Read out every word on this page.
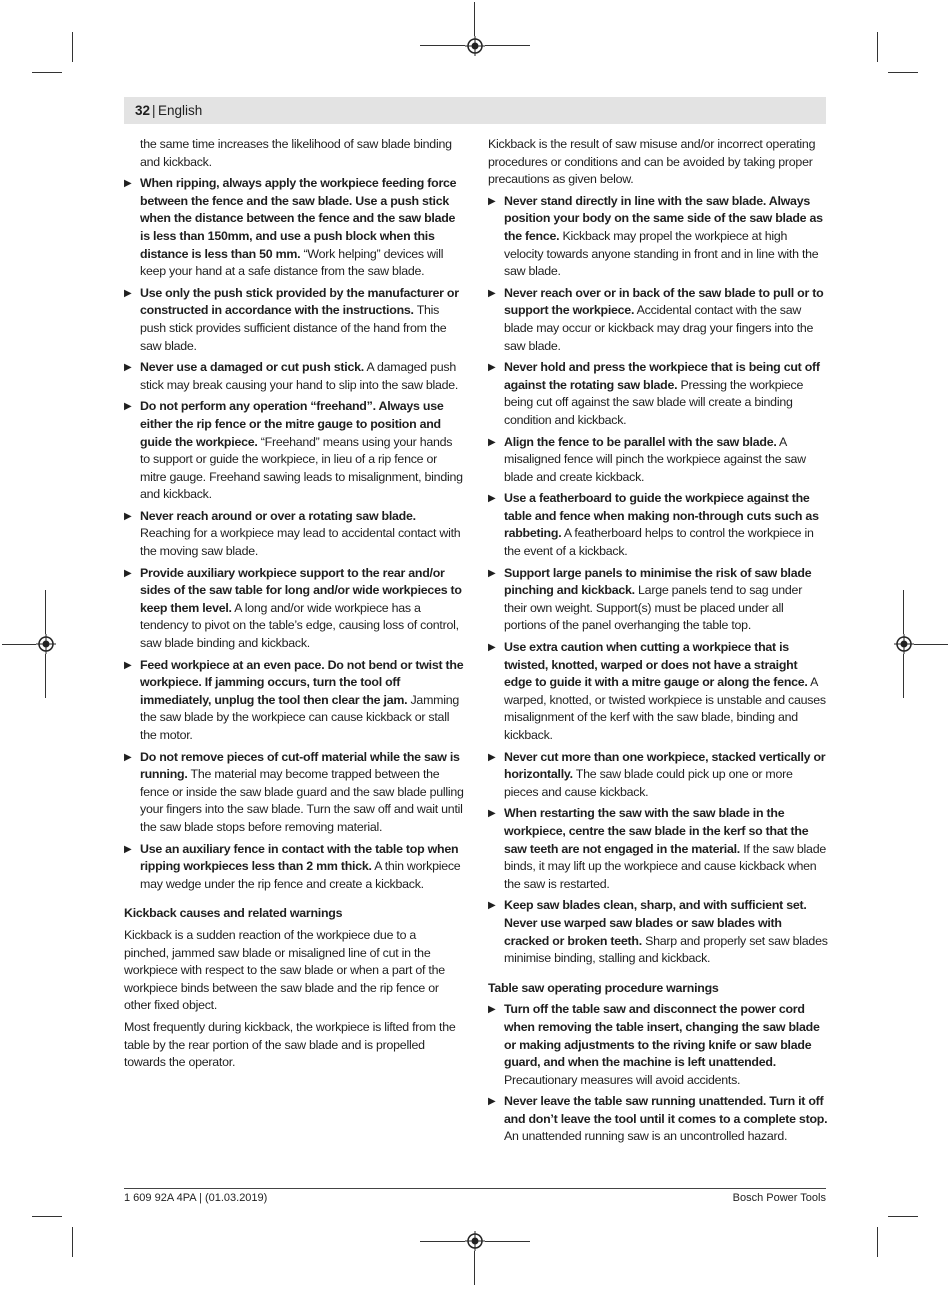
32 | English

the same time increases the likelihood of saw blade binding and kickback.

▶ When ripping, always apply the workpiece feeding force between the fence and the saw blade. Use a push stick when the distance between the fence and the saw blade is less than 150mm, and use a push block when this distance is less than 50 mm. “Work helping” devices will keep your hand at a safe distance from the saw blade.
▶ Use only the push stick provided by the manufacturer or constructed in accordance with the instructions. This push stick provides sufficient distance of the hand from the saw blade.
▶ Never use a damaged or cut push stick. A damaged push stick may break causing your hand to slip into the saw blade.
▶ Do not perform any operation “freehand”. Always use either the rip fence or the mitre gauge to position and guide the workpiece. “Freehand” means using your hands to support or guide the workpiece, in lieu of a rip fence or mitre gauge. Freehand sawing leads to misalignment, binding and kickback.
▶ Never reach around or over a rotating saw blade. Reaching for a workpiece may lead to accidental contact with the moving saw blade.
▶ Provide auxiliary workpiece support to the rear and/or sides of the saw table for long and/or wide workpieces to keep them level. A long and/or wide workpiece has a tendency to pivot on the table’s edge, causing loss of control, saw blade binding and kickback.
▶ Feed workpiece at an even pace. Do not bend or twist the workpiece. If jamming occurs, turn the tool off immediately, unplug the tool then clear the jam. Jamming the saw blade by the workpiece can cause kickback or stall the motor.
▶ Do not remove pieces of cut-off material while the saw is running. The material may become trapped between the fence or inside the saw blade guard and the saw blade pulling your fingers into the saw blade. Turn the saw off and wait until the saw blade stops before removing material.
▶ Use an auxiliary fence in contact with the table top when ripping workpieces less than 2 mm thick. A thin workpiece may wedge under the rip fence and create a kickback.
Kickback causes and related warnings

Kickback is a sudden reaction of the workpiece due to a pinched, jammed saw blade or misaligned line of cut in the workpiece with respect to the saw blade or when a part of the workpiece binds between the saw blade and the rip fence or other fixed object.

Most frequently during kickback, the workpiece is lifted from the table by the rear portion of the saw blade and is propelled towards the operator.

Kickback is the result of saw misuse and/or incorrect operating procedures or conditions and can be avoided by taking proper precautions as given below.

▶ Never stand directly in line with the saw blade. Always position your body on the same side of the saw blade as the fence. Kickback may propel the workpiece at high velocity towards anyone standing in front and in line with the saw blade.
▶ Never reach over or in back of the saw blade to pull or to support the workpiece. Accidental contact with the saw blade may occur or kickback may drag your fingers into the saw blade.
▶ Never hold and press the workpiece that is being cut off against the rotating saw blade. Pressing the workpiece being cut off against the saw blade will create a binding condition and kickback.
▶ Align the fence to be parallel with the saw blade. A misaligned fence will pinch the workpiece against the saw blade and create kickback.
▶ Use a featherboard to guide the workpiece against the table and fence when making non-through cuts such as rabbeting. A featherboard helps to control the workpiece in the event of a kickback.
▶ Support large panels to minimise the risk of saw blade pinching and kickback. Large panels tend to sag under their own weight. Support(s) must be placed under all portions of the panel overhanging the table top.
▶ Use extra caution when cutting a workpiece that is twisted, knotted, warped or does not have a straight edge to guide it with a mitre gauge or along the fence. A warped, knotted, or twisted workpiece is unstable and causes misalignment of the kerf with the saw blade, binding and kickback.
▶ Never cut more than one workpiece, stacked vertically or horizontally. The saw blade could pick up one or more pieces and cause kickback.
▶ When restarting the saw with the saw blade in the workpiece, centre the saw blade in the kerf so that the saw teeth are not engaged in the material. If the saw blade binds, it may lift up the workpiece and cause kickback when the saw is restarted.
▶ Keep saw blades clean, sharp, and with sufficient set. Never use warped saw blades or saw blades with cracked or broken teeth. Sharp and properly set saw blades minimise binding, stalling and kickback.
Table saw operating procedure warnings
▶ Turn off the table saw and disconnect the power cord when removing the table insert, changing the saw blade or making adjustments to the riving knife or saw blade guard, and when the machine is left unattended. Precautionary measures will avoid accidents.
▶ Never leave the table saw running unattended. Turn it off and don’t leave the tool until it comes to a complete stop. An unattended running saw is an uncontrolled hazard.
1 609 92A 4PA | (01.03.2019)	Bosch Power Tools
